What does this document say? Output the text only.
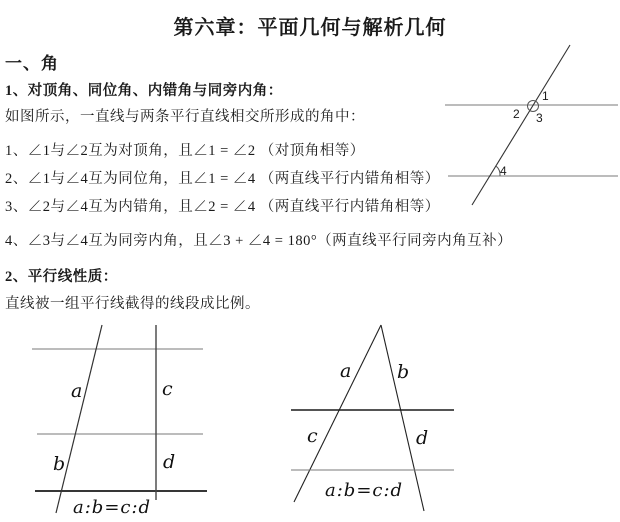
第六章：平面几何与解析几何
一、角
1、对顶角、同位角、内错角与同旁内角：
如图所示，一直线与两条平行直线相交所形成的角中：
1、∠1与∠2互为对顶角，且∠1 = ∠2 （对顶角相等）
2、∠1与∠4互为同位角，且∠1 = ∠4 （两直线平行内错角相等）
3、∠2与∠4互为内错角，且∠2 = ∠4 （两直线平行内错角相等）
4、∠3与∠4互为同旁内角，且∠3 + ∠4 = 180°（两直线平行同旁内角互补）
2、平行线性质：
直线被一组平行线截得的线段成比例。
1
2 3
4
a	c
b	d
a:b=c:d
a b
c	d
a:b=c:d
